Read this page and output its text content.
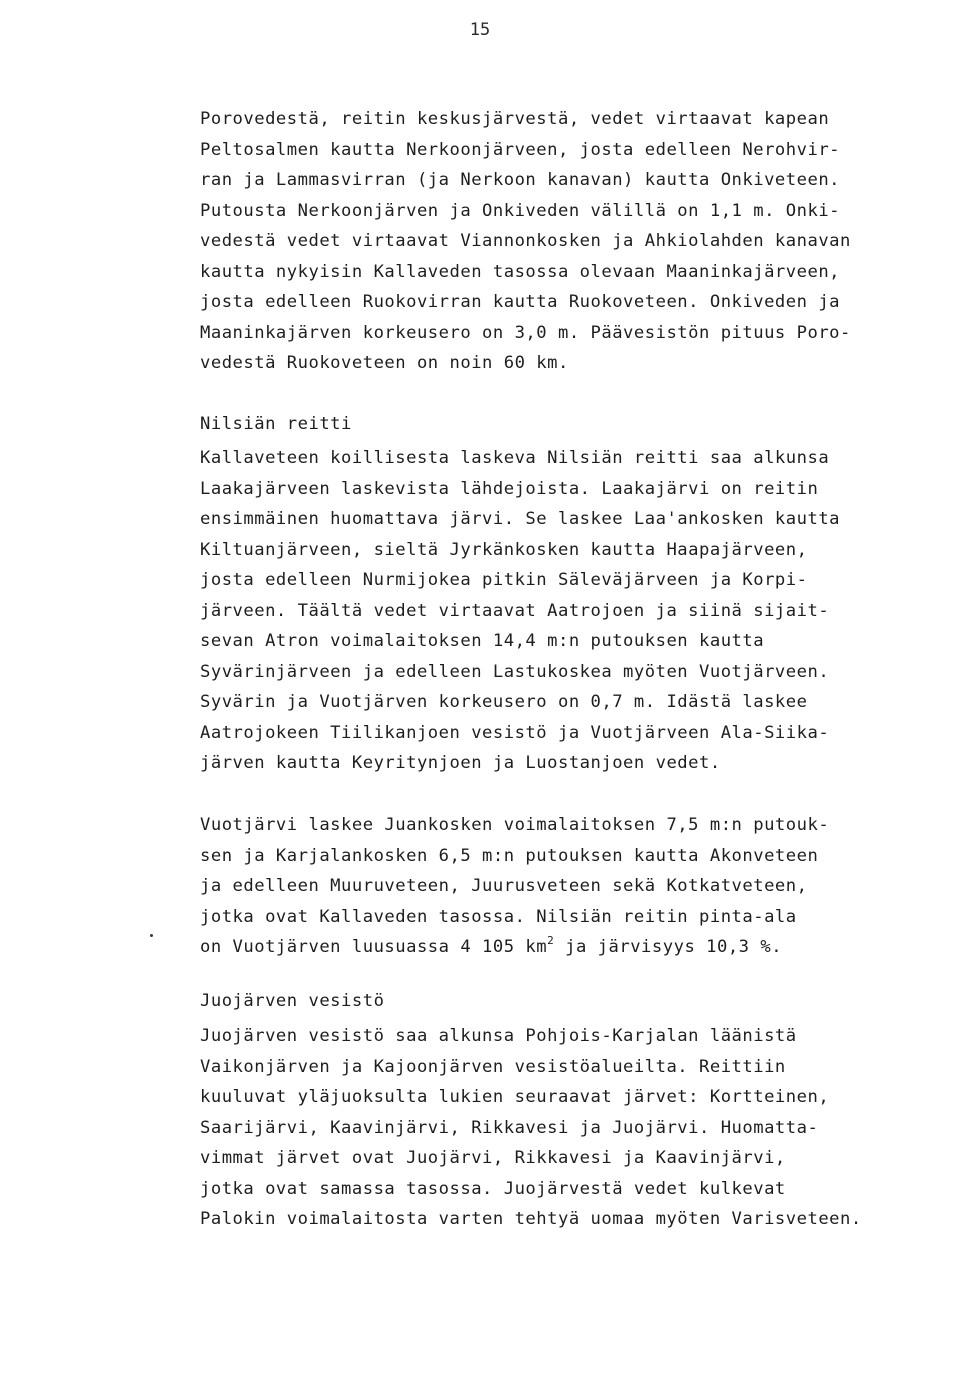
15
Porovedestä, reitin keskusjärvestä, vedet virtaavat kapean
Peltosalmen kautta Nerkoonjärveen, josta edelleen Nerohvir-
ran ja Lammasvirran (ja Nerkoon kanavan) kautta Onkiveteen.
Putousta Nerkoonjärven ja Onkiveden välillä on 1,1 m. Onki-
vedestä vedet virtaavat Viannonkosken ja Ahkiolahden kanavan
kautta nykyisin Kallaveden tasossa olevaan Maaninkajärveen,
josta edelleen Ruokovirran kautta Ruokoveteen. Onkiveden ja
Maaninkajärven korkeusero on 3,0 m. Päävesistön pituus Poro-
vedestä Ruokoveteen on noin 60 km.
Nilsiän reitti
Kallaveteen koillisesta laskeva Nilsiän reitti saa alkunsa
Laakajärveen laskevista lähdejoista. Laakajärvi on reitin
ensimmäinen huomattava järvi. Se laskee Laa'ankosken kautta
Kiltuanjärveen, sieltä Jyrkänkosken kautta Haapajärveen,
josta edelleen Nurmijokea pitkin Säleväjärveen ja Korpi-
järveen. Täältä vedet virtaavat Aatrojoen ja siinä sijait-
sevan Atron voimalaitoksen 14,4 m:n putouksen kautta
Syvärinjärveen ja edelleen Lastukoskea myöten Vuotjärveen.
Syvärin ja Vuotjärven korkeusero on 0,7 m. Idästä laskee
Aatrojokeen Tiilikanjoen vesistö ja Vuotjärveen Ala-Siika-
järven kautta Keyritynjoen ja Luostanjoen vedet.
Vuotjärvi laskee Juankosken voimalaitoksen 7,5 m:n putouk-
sen ja Karjalankosken 6,5 m:n putouksen kautta Akonveteen
ja edelleen Muuruveteen, Juurusveteen sekä Kotkatveteen,
jotka ovat Kallaveden tasossa. Nilsiän reitin pinta-ala
on Vuotjärven luusuassa 4 105 $km^2$ ja järvisyys 10,3 %.
Juojärven vesistö
Juojärven vesistö saa alkunsa Pohjois-Karjalan läänistä
Vaikonjärven ja Kajoonjärven vesistöalueilta. Reittiin
kuuluvat yläjuoksulta lukien seuraavat järvet: Kortteinen,
Saarijärvi, Kaavinjärvi, Rikkavesi ja Juojärvi. Huomatta-
vimmat järvet ovat Juojärvi, Rikkavesi ja Kaavinjärvi,
jotka ovat samassa tasossa. Juojärvestä vedet kulkevat
Palokin voimalaitosta varten tehtyä uomaa myöten Varisveteen.
